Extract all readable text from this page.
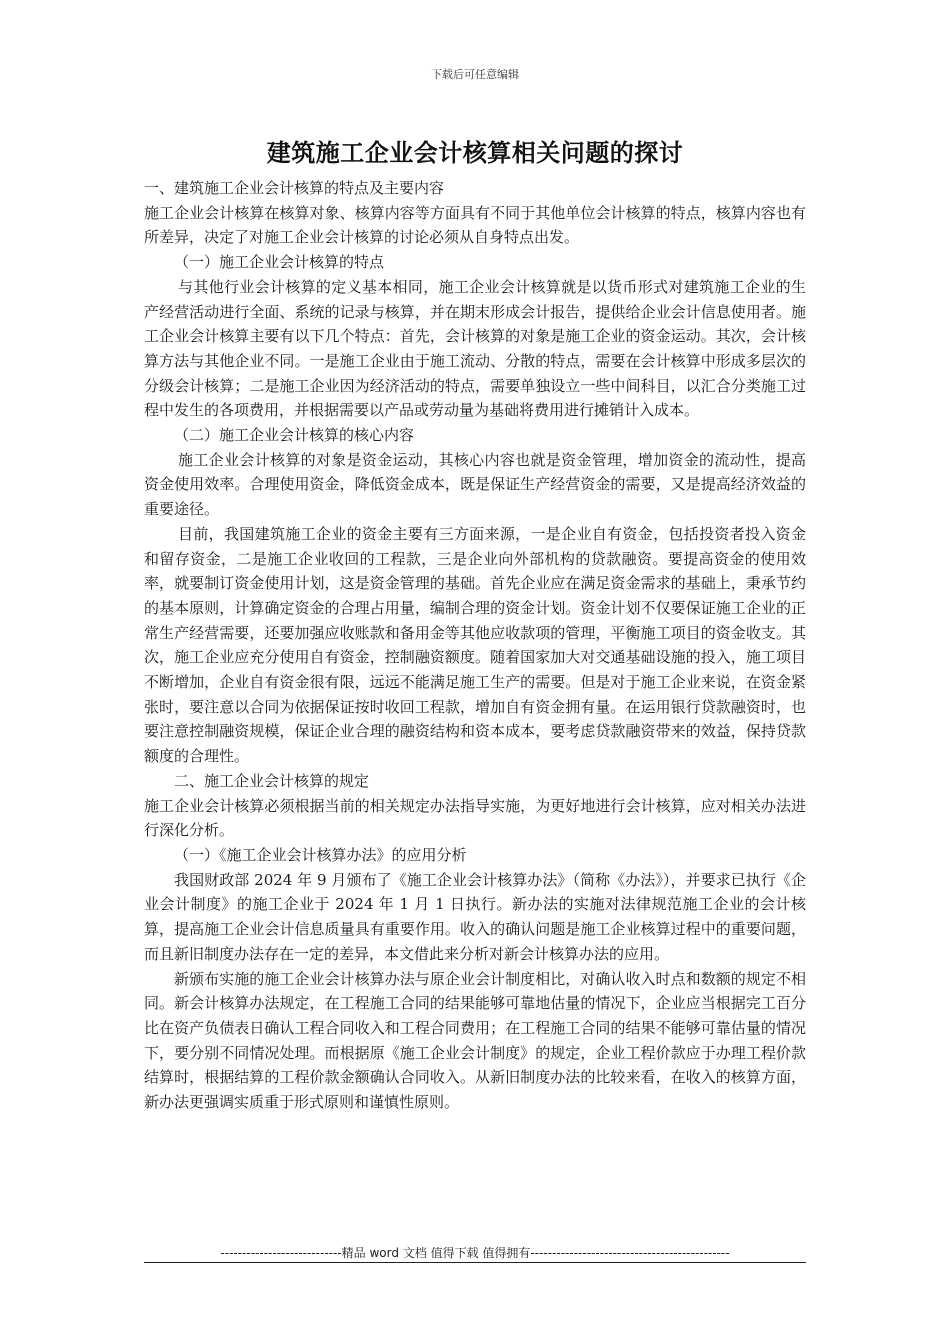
下载后可任意编辑
建筑施工企业会计核算相关问题的探讨

一、建筑施工企业会计核算的特点及主要内容

施工企业会计核算在核算对象、核算内容等方面具有不同于其他单位会计核算的特点，核算内容也有所差异，决定了对施工企业会计核算的讨论必须从自身特点出发。

（一）施工企业会计核算的特点

与其他行业会计核算的定义基本相同，施工企业会计核算就是以货币形式对建筑施工企业的生产经营活动进行全面、系统的记录与核算，并在期末形成会计报告，提供给企业会计信息使用者。施工企业会计核算主要有以下几个特点：首先，会计核算的对象是施工企业的资金运动。其次，会计核算方法与其他企业不同。一是施工企业由于施工流动、分散的特点，需要在会计核算中形成多层次的分级会计核算；二是施工企业因为经济活动的特点，需要单独设立一些中间科目，以汇合分类施工过程中发生的各项费用，并根据需要以产品或劳动量为基础将费用进行摊销计入成本。

（二）施工企业会计核算的核心内容

施工企业会计核算的对象是资金运动，其核心内容也就是资金管理，增加资金的流动性，提高资金使用效率。合理使用资金，降低资金成本，既是保证生产经营资金的需要，又是提高经济效益的重要途径。

目前，我国建筑施工企业的资金主要有三方面来源，一是企业自有资金，包括投资者投入资金和留存资金，二是施工企业收回的工程款，三是企业向外部机构的贷款融资。要提高资金的使用效率，就要制订资金使用计划，这是资金管理的基础。首先企业应在满足资金需求的基础上，秉承节约的基本原则，计算确定资金的合理占用量，编制合理的资金计划。资金计划不仅要保证施工企业的正常生产经营需要，还要加强应收账款和备用金等其他应收款项的管理，平衡施工项目的资金收支。其次，施工企业应充分使用自有资金，控制融资额度。随着国家加大对交通基础设施的投入，施工项目不断增加，企业自有资金很有限，远远不能满足施工生产的需要。但是对于施工企业来说，在资金紧张时，要注意以合同为依据保证按时收回工程款，增加自有资金拥有量。在运用银行贷款融资时，也要注意控制融资规模，保证企业合理的融资结构和资本成本，要考虑贷款融资带来的效益，保持贷款额度的合理性。

二、施工企业会计核算的规定

施工企业会计核算必须根据当前的相关规定办法指导实施，为更好地进行会计核算，应对相关办法进行深化分析。

（一）《施工企业会计核算办法》的应用分析

我国财政部 2024 年 9 月颁布了《施工企业会计核算办法》（简称《办法》），并要求已执行《企业会计制度》的施工企业于 2024 年 1 月 1 日执行。新办法的实施对法律规范施工企业的会计核算，提高施工企业会计信息质量具有重要作用。收入的确认问题是施工企业核算过程中的重要问题，而且新旧制度办法存在一定的差异，本文借此来分析对新会计核算办法的应用。

新颁布实施的施工企业会计核算办法与原企业会计制度相比，对确认收入时点和数额的规定不相同。新会计核算办法规定，在工程施工合同的结果能够可靠地估量的情况下，企业应当根据完工百分比在资产负债表日确认工程合同收入和工程合同费用；在工程施工合同的结果不能够可靠估量的情况下，要分别不同情况处理。而根据原《施工企业会计制度》的规定，企业工程价款应于办理工程价款结算时，根据结算的工程价款金额确认合同收入。从新旧制度办法的比较来看，在收入的核算方面，新办法更强调实质重于形式原则和谨慎性原则。

----------------------------精品 word 文档 值得下载 值得拥有----------------------------------------------
